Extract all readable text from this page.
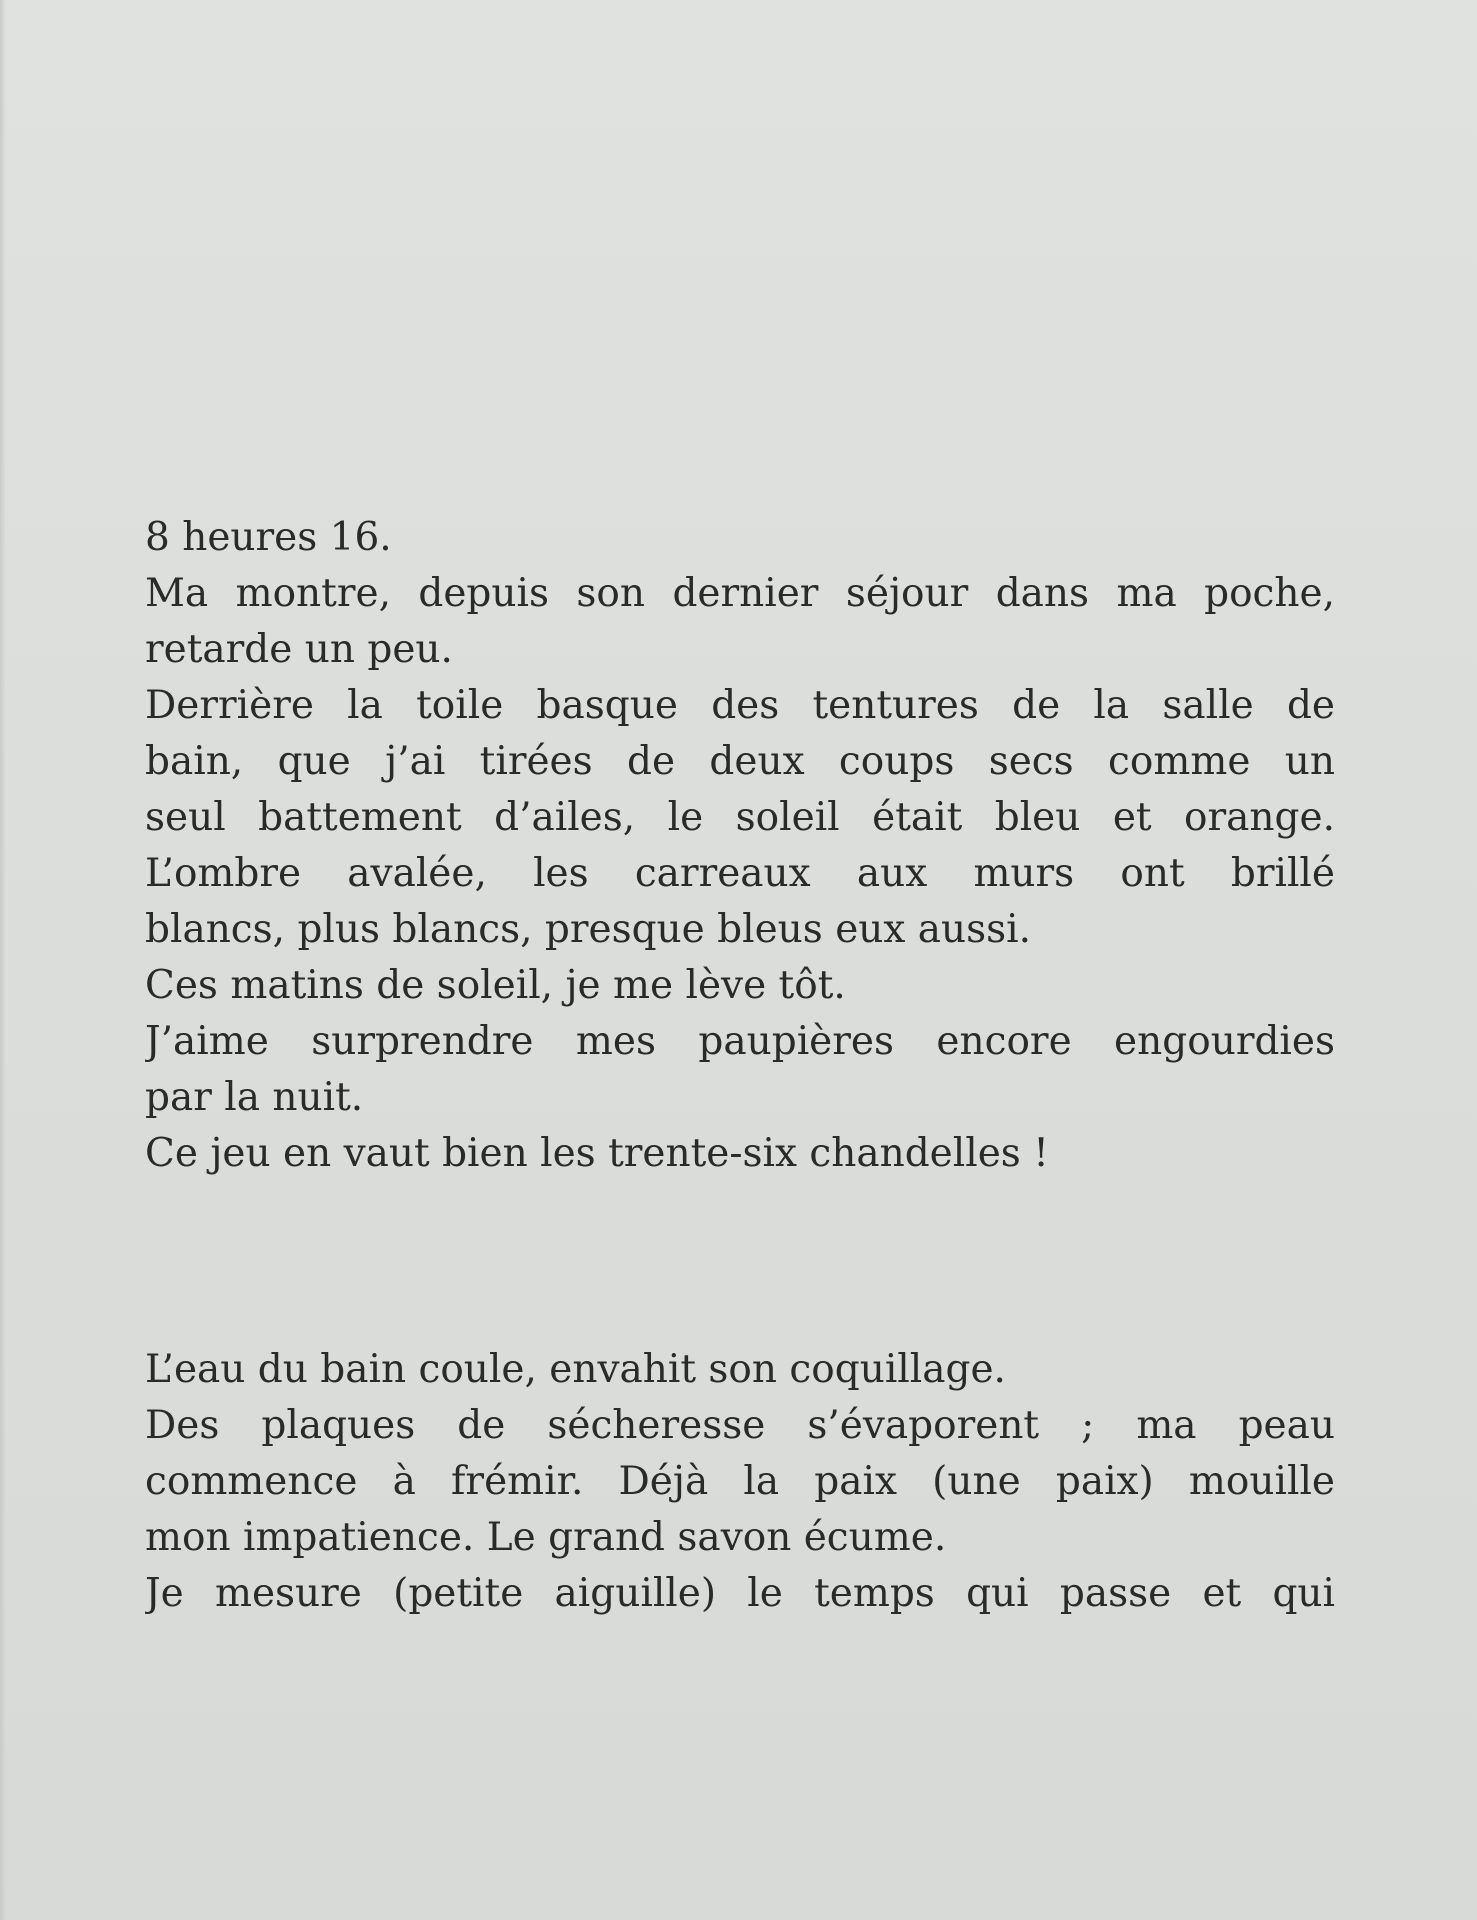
8 heures 16.
Ma montre, depuis son dernier séjour dans ma poche,
retarde un peu.
Derrière la toile basque des tentures de la salle de
bain, que j’ai tirées de deux coups secs comme un
seul battement d’ailes, le soleil était bleu et orange.
L’ombre avalée, les carreaux aux murs ont brillé
blancs, plus blancs, presque bleus eux aussi.
Ces matins de soleil, je me lève tôt.
J’aime surprendre mes paupières encore engourdies
par la nuit.
Ce jeu en vaut bien les trente-six chandelles !
L’eau du bain coule, envahit son coquillage.
Des plaques de sécheresse s’évaporent ; ma peau
commence à frémir. Déjà la paix (une paix) mouille
mon impatience. Le grand savon écume.
Je mesure (petite aiguille) le temps qui passe et qui
